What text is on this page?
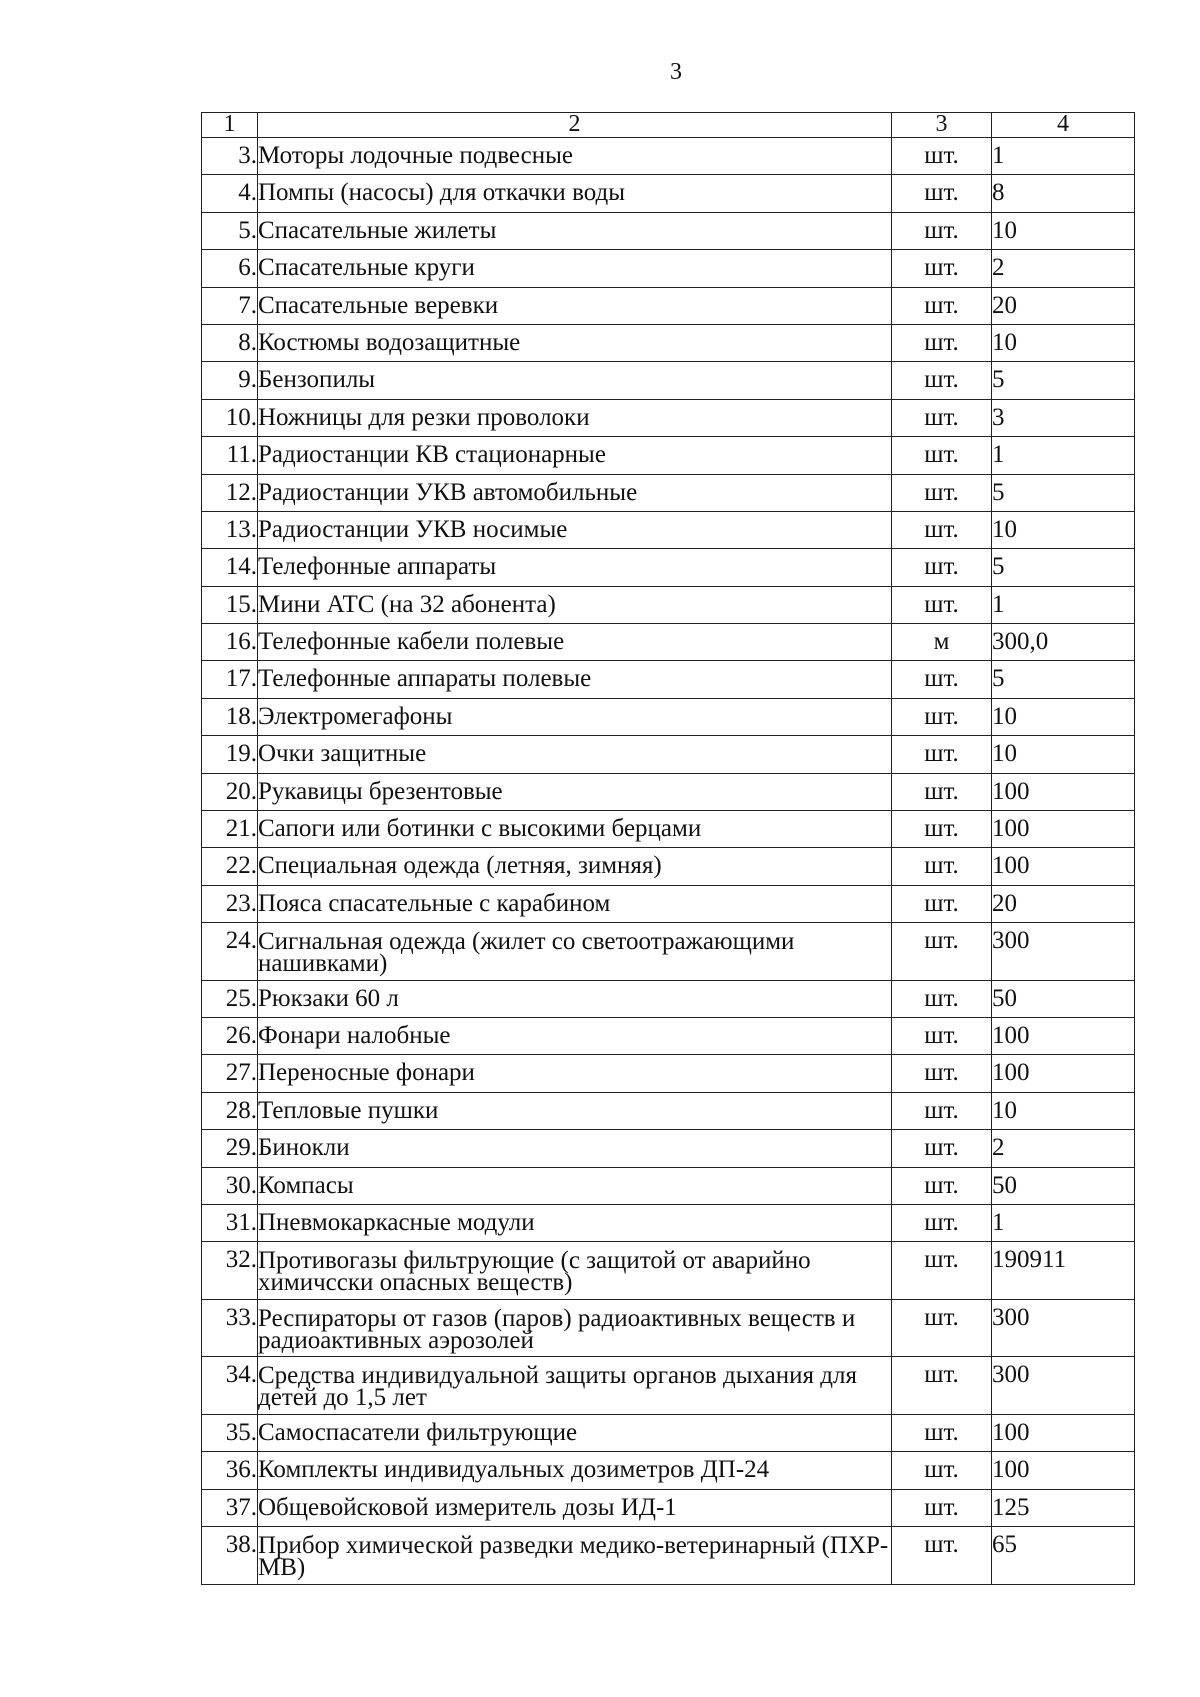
3
1	2	3	4
3.	Моторы лодочные подвесные	шт.	1
4.	Помпы (насосы) для откачки воды	шт.	8
5.	Спасательные жилеты	шт.	10
6.	Спасательные круги	шт.	2
7.	Спасательные веревки	шт.	20
8.	Костюмы водозащитные	шт.	10
9.	Бензопилы	шт.	5
10.	Ножницы для резки проволоки	шт.	3
11.	Радиостанции КВ стационарные	шт.	1
12.	Радиостанции УКВ автомобильные	шт.	5
13.	Радиостанции УКВ носимые	шт.	10
14.	Телефонные аппараты	шт.	5
15.	Мини АТС (на 32 абонента)	шт.	1
16.	Телефонные кабели полевые	м	300,0
17.	Телефонные аппараты полевые	шт.	5
18.	Электромегафоны	шт.	10
19.	Очки защитные	шт.	10
20.	Рукавицы брезентовые	шт.	100
21.	Сапоги или ботинки с высокими берцами	шт.	100
22.	Специальная одежда (летняя, зимняя)	шт.	100
23.	Пояса спасательные с карабином	шт.	20
24.	Сигнальная одежда (жилет со светоотражающими нашивками)	шт.	300
25.	Рюкзаки 60 л	шт.	50
26.	Фонари налобные	шт.	100
27.	Переносные фонари	шт.	100
28.	Тепловые пушки	шт.	10
29.	Бинокли	шт.	2
30.	Компасы	шт.	50
31.	Пневмокаркасные модули	шт.	1
32.	Противогазы фильтрующие (с защитой от аварийно химичсски опасных веществ)	шт.	190911
33.	Респираторы от газов (паров) радиоактивных веществ и радиоактивных аэрозолей	шт.	300
34.	Средства индивидуальной защиты органов дыхания для детей до 1,5 лет	шт.	300
35.	Самоспасатели фильтрующие	шт.	100
36.	Комплекты индивидуальных дозиметров ДП-24	шт.	100
37.	Общевойсковой измеритель дозы ИД-1	шт.	125
38.	Прибор химической разведки медико-ветеринарный (ПХР-МВ)	шт.	65
